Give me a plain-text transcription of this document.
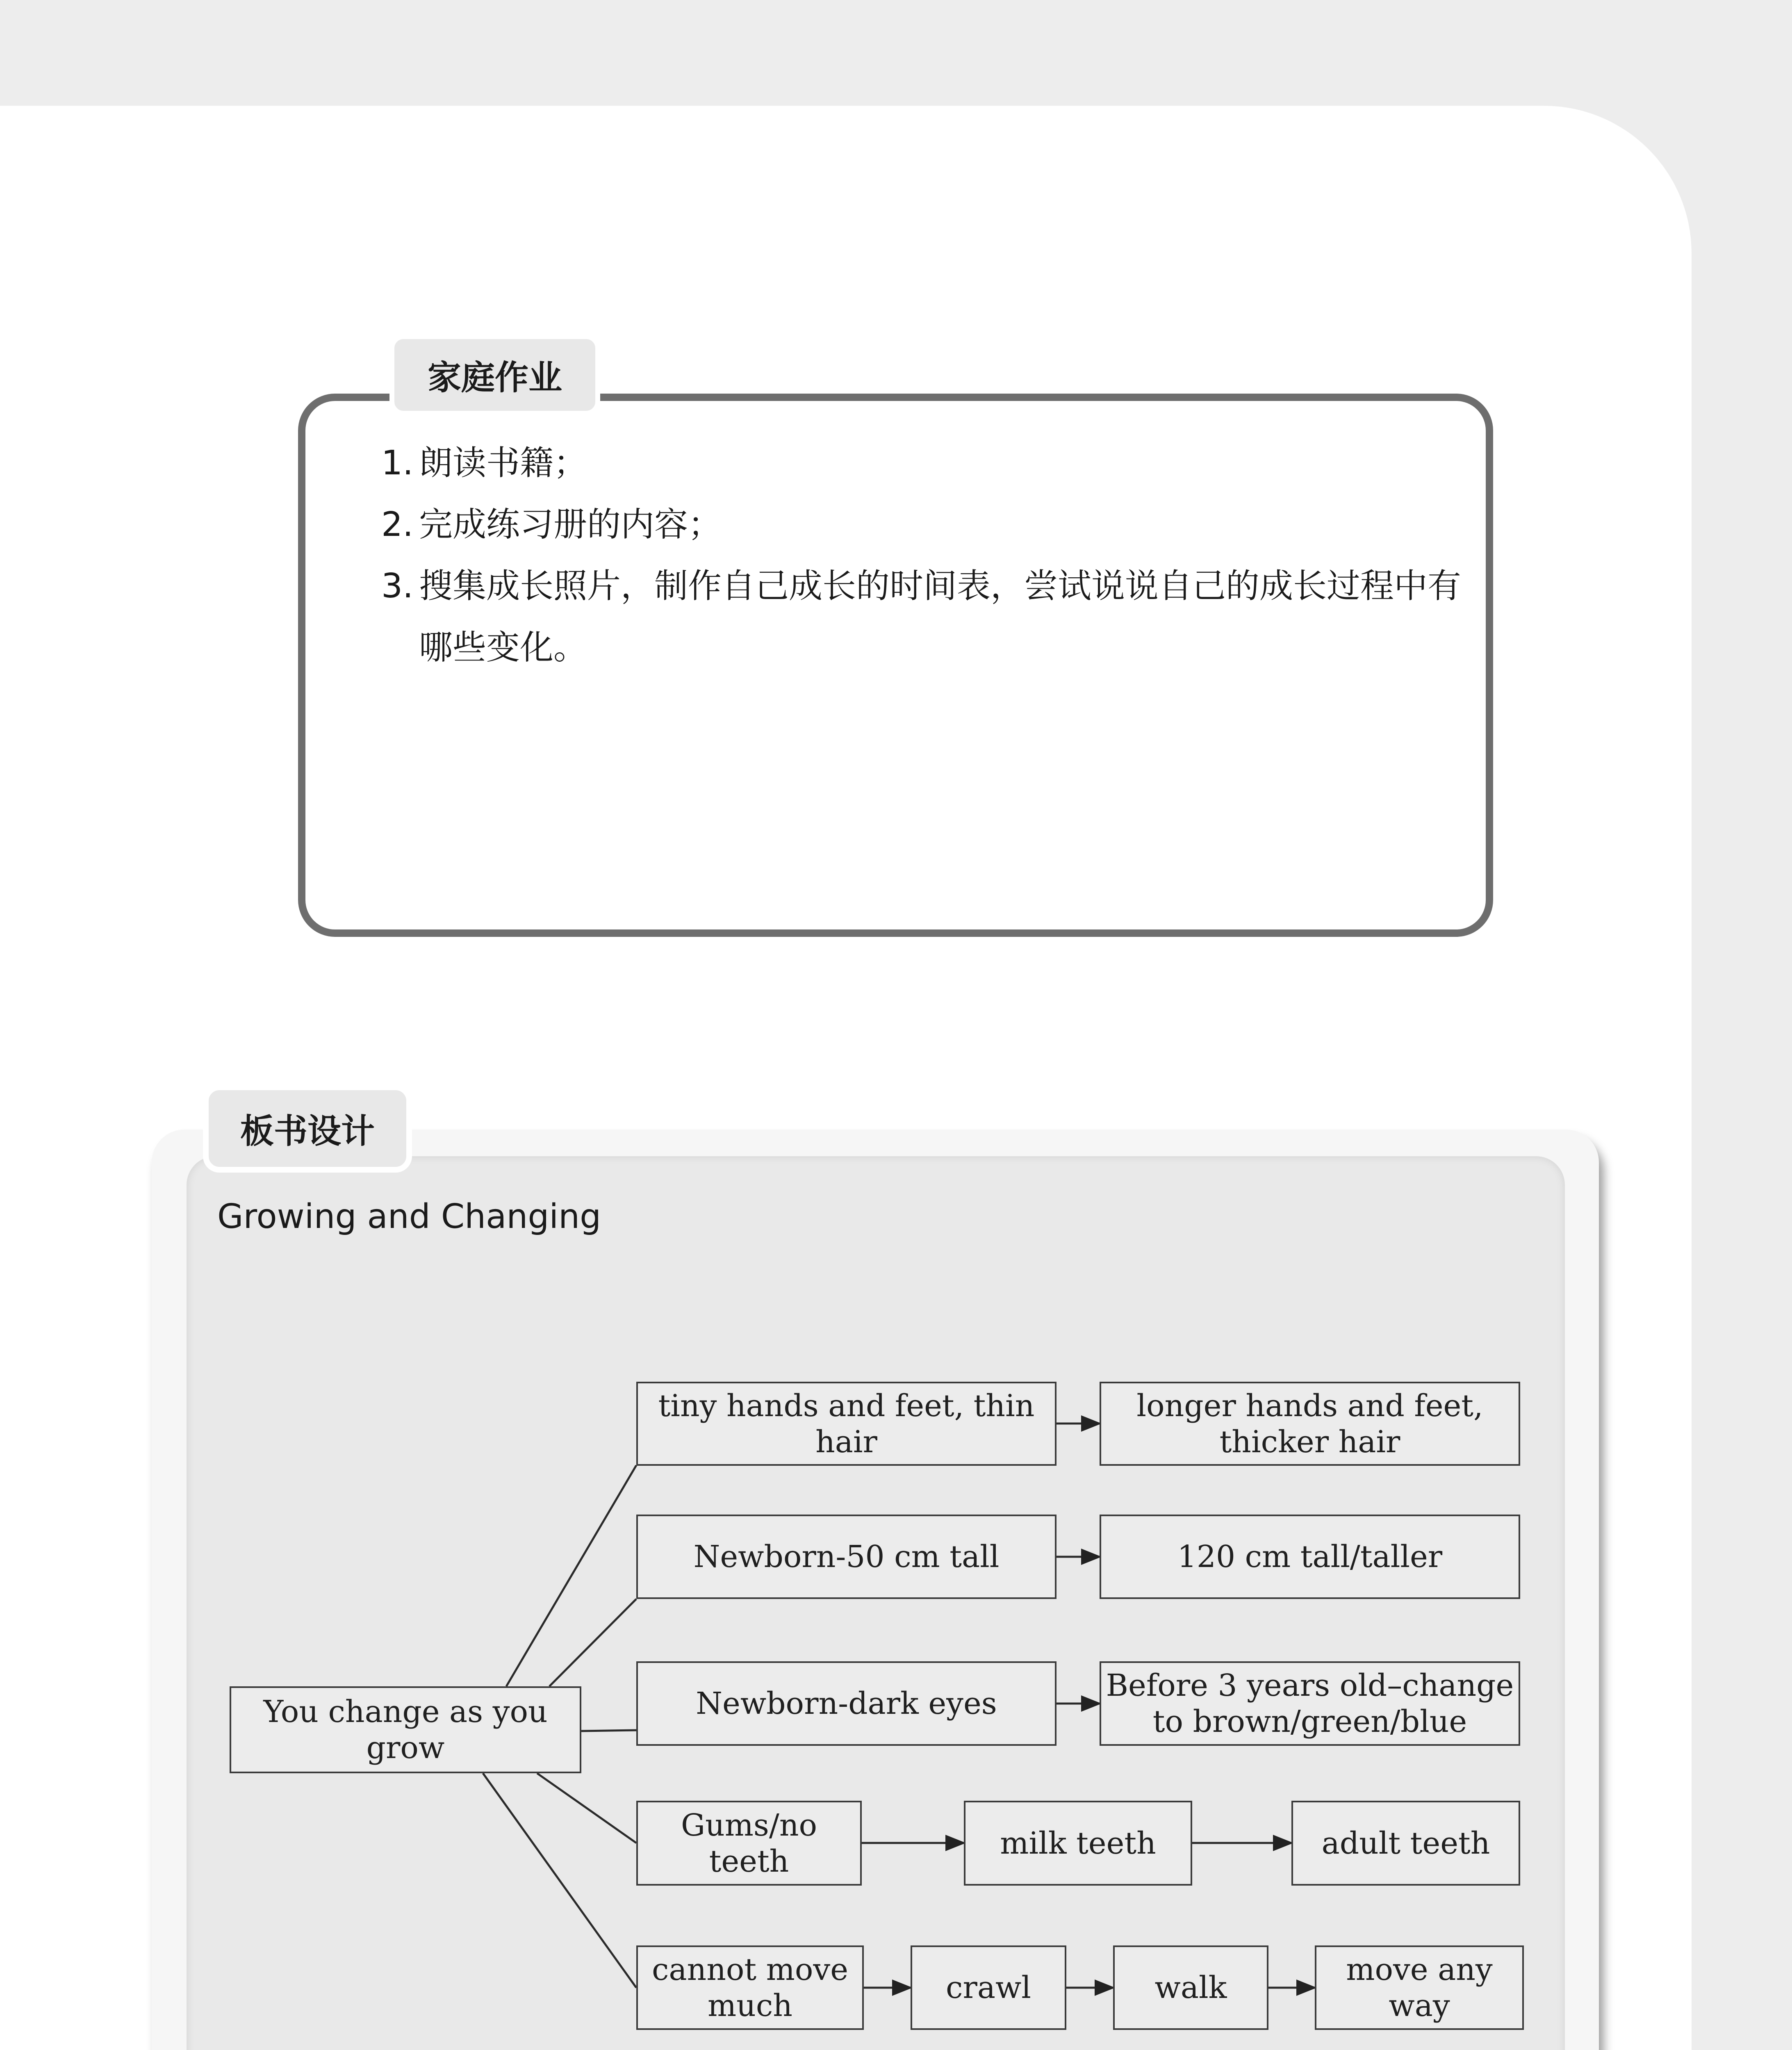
家庭作业
1. 朗读书籍；
2. 完成练习册的内容；
3. 搜集成长照片，制作自己成长的时间表，尝试说说自己的成长过程中有哪些变化。
板书设计
Growing and Changing
You change as you grow
tiny hands and feet, thin hair
longer hands and feet,
thicker hair
Newborn-50 cm tall	120 cm tall/taller
Newborn-dark eyes
Before 3 years old–change
to brown/green/blue
Gums/no teeth
milk teeth	adult teeth
cannot move
much
crawl	walk
move any way
